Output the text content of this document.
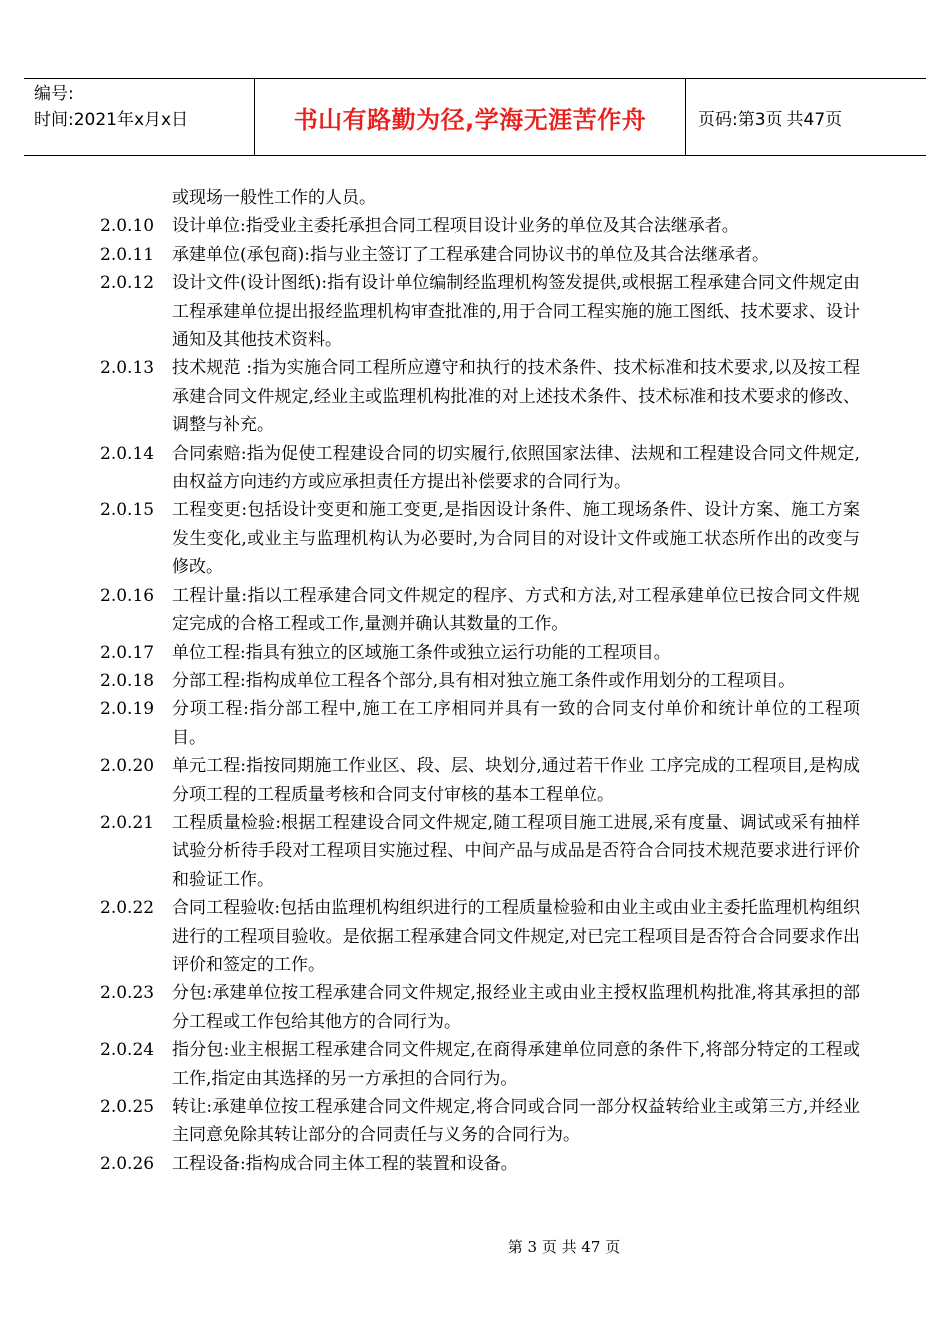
编号:
时间:2021年x月x日	书山有路勤为径,学海无涯苦作舟	页码:第3页 共47页
或现场一般性工作的人员。
2.0.10	设计单位:指受业主委托承担合同工程项目设计业务的单位及其合法继承者。
2.0.11	承建单位(承包商):指与业主签订了工程承建合同协议书的单位及其合法继承者。
2.0.12	设计文件(设计图纸):指有设计单位编制经监理机构签发提供,或根据工程承建合同文件规定由工程承建单位提出报经监理机构审查批准的,用于合同工程实施的施工图纸、技术要求、设计通知及其他技术资料。
2.0.13	技术规范 :指为实施合同工程所应遵守和执行的技术条件、技术标准和技术要求,以及按工程承建合同文件规定,经业主或监理机构批准的对上述技术条件、技术标准和技术要求的修改、调整与补充。
2.0.14	合同索赔:指为促使工程建设合同的切实履行,依照国家法律、法规和工程建设合同文件规定,由权益方向违约方或应承担责任方提出补偿要求的合同行为。
2.0.15	工程变更:包括设计变更和施工变更,是指因设计条件、施工现场条件、设计方案、施工方案发生变化,或业主与监理机构认为必要时,为合同目的对设计文件或施工状态所作出的改变与修改。
2.0.16	工程计量:指以工程承建合同文件规定的程序、方式和方法,对工程承建单位已按合同文件规定完成的合格工程或工作,量测并确认其数量的工作。
2.0.17	单位工程:指具有独立的区域施工条件或独立运行功能的工程项目。
2.0.18	分部工程:指构成单位工程各个部分,具有相对独立施工条件或作用划分的工程项目。
2.0.19	分项工程:指分部工程中,施工在工序相同并具有一致的合同支付单价和统计单位的工程项目。
2.0.20	单元工程:指按同期施工作业区、段、层、块划分,通过若干作业 工序完成的工程项目,是构成分项工程的工程质量考核和合同支付审核的基本工程单位。
2.0.21	工程质量检验:根据工程建设合同文件规定,随工程项目施工进展,采有度量、调试或采有抽样试验分析待手段对工程项目实施过程、中间产品与成品是否符合合同技术规范要求进行评价和验证工作。
2.0.22	合同工程验收:包括由监理机构组织进行的工程质量检验和由业主或由业主委托监理机构组织进行的工程项目验收。是依据工程承建合同文件规定,对已完工程项目是否符合合同要求作出评价和签定的工作。
2.0.23	分包:承建单位按工程承建合同文件规定,报经业主或由业主授权监理机构批准,将其承担的部分工程或工作包给其他方的合同行为。
2.0.24	指分包:业主根据工程承建合同文件规定,在商得承建单位同意的条件下,将部分特定的工程或工作,指定由其选择的另一方承担的合同行为。
2.0.25	转让:承建单位按工程承建合同文件规定,将合同或合同一部分权益转给业主或第三方,并经业主同意免除其转让部分的合同责任与义务的合同行为。
2.0.26	工程设备:指构成合同主体工程的装置和设备。
第 3 页 共 47 页
